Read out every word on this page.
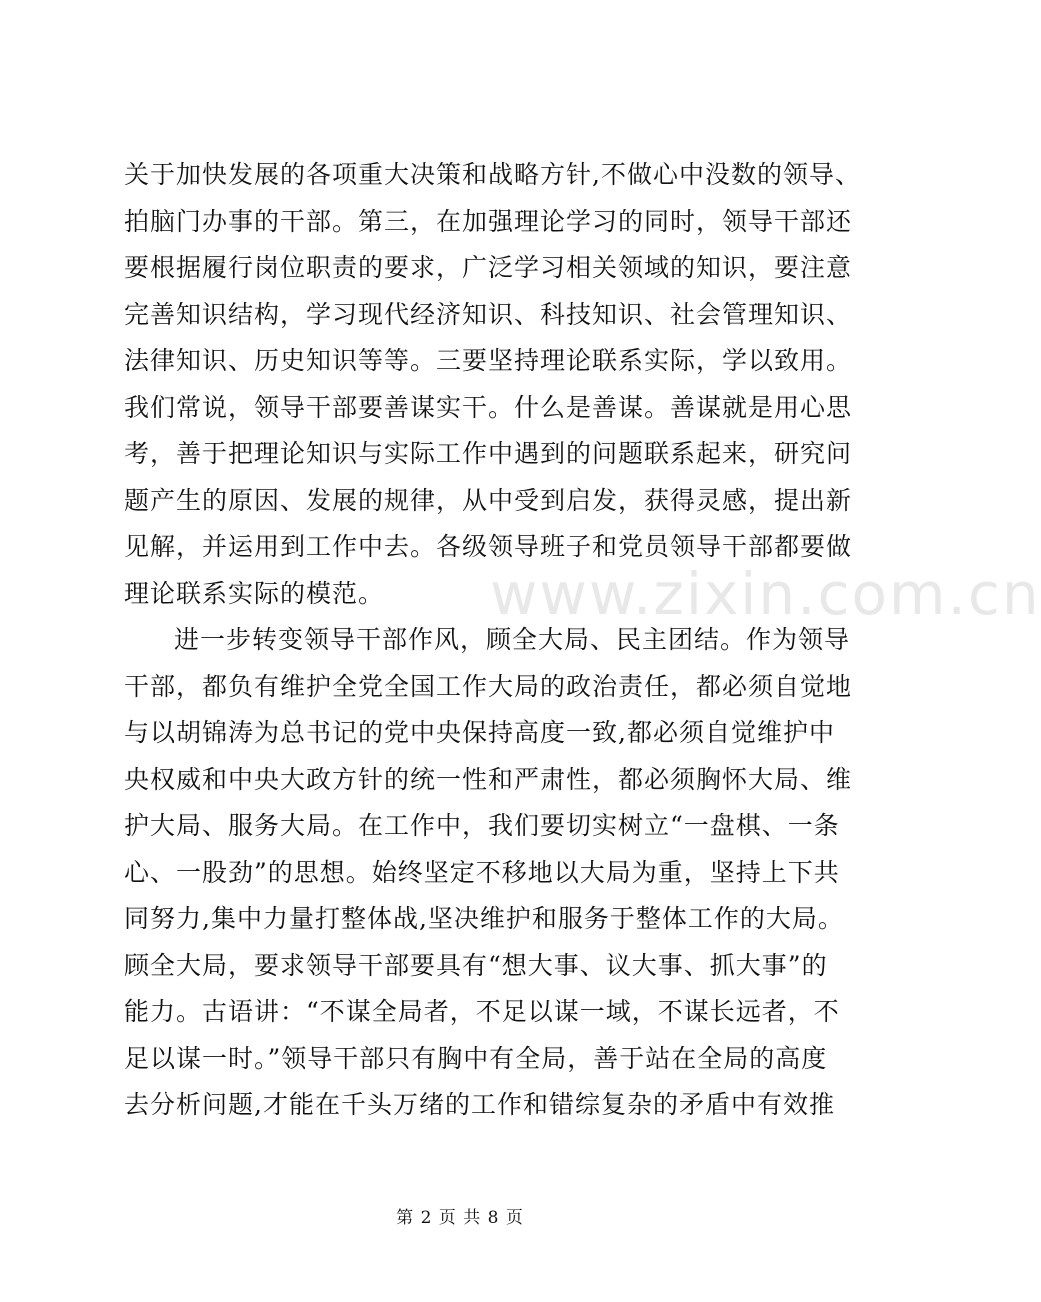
www.zixin.com.cn
关于加快发展的各项重大决策和战略方针,不做心中没数的领导、
拍脑门办事的干部。第三，在加强理论学习的同时，领导干部还
要根据履行岗位职责的要求，广泛学习相关领域的知识，要注意
完善知识结构，学习现代经济知识、科技知识、社会管理知识、
法律知识、历史知识等等。三要坚持理论联系实际，学以致用。
我们常说，领导干部要善谋实干。什么是善谋。善谋就是用心思
考，善于把理论知识与实际工作中遇到的问题联系起来，研究问
题产生的原因、发展的规律，从中受到启发，获得灵感，提出新
见解，并运用到工作中去。各级领导班子和党员领导干部都要做
理论联系实际的模范。
进一步转变领导干部作风，顾全大局、民主团结。作为领导
干部，都负有维护全党全国工作大局的政治责任，都必须自觉地
与以胡锦涛为总书记的党中央保持高度一致,都必须自觉维护中
央权威和中央大政方针的统一性和严肃性，都必须胸怀大局、维
护大局、服务大局。在工作中，我们要切实树立“一盘棋、一条
心、一股劲”的思想。始终坚定不移地以大局为重，坚持上下共
同努力,集中力量打整体战,坚决维护和服务于整体工作的大局。
顾全大局，要求领导干部要具有“想大事、议大事、抓大事”的
能力。古语讲：“不谋全局者，不足以谋一域，不谋长远者，不
足以谋一时。”领导干部只有胸中有全局，善于站在全局的高度
去分析问题,才能在千头万绪的工作和错综复杂的矛盾中有效推
第 2 页 共 8 页
